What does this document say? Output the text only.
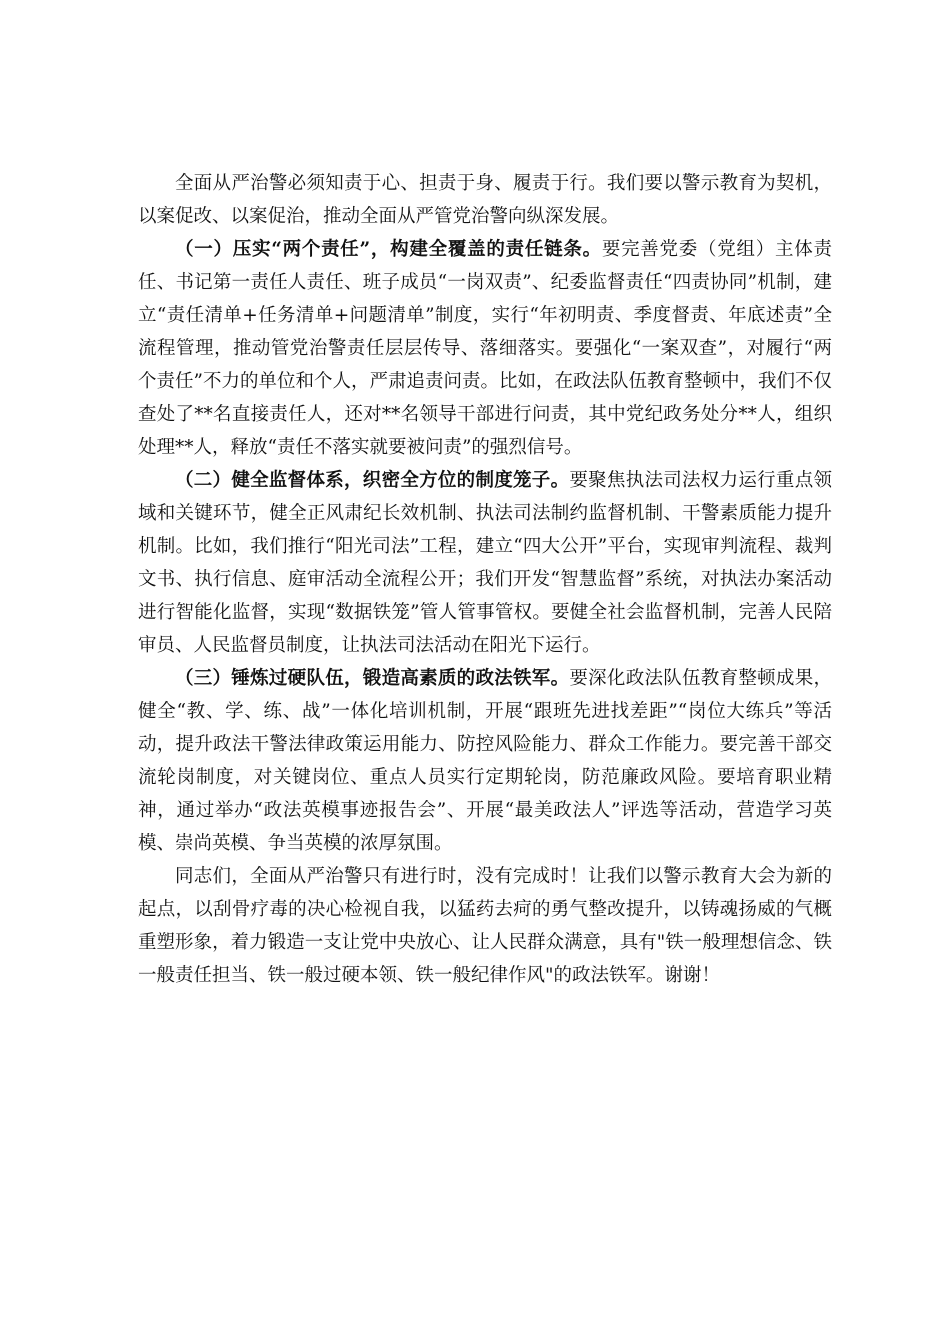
全面从严治警必须知责于心、担责于身、履责于行。我们要以警示教育为契机，以案促改、以案促治，推动全面从严管党治警向纵深发展。

（一）压实“两个责任”，构建全覆盖的责任链条。要完善党委（党组）主体责任、书记第一责任人责任、班子成员“一岗双责”、纪委监督责任“四责协同”机制，建立“责任清单+任务清单+问题清单”制度，实行“年初明责、季度督责、年底述责”全流程管理，推动管党治警责任层层传导、落细落实。要强化“一案双查”，对履行“两个责任”不力的单位和个人，严肃追责问责。比如，在政法队伍教育整顿中，我们不仅查处了**名直接责任人，还对**名领导干部进行问责，其中党纪政务处分**人，组织处理**人，释放“责任不落实就要被问责”的强烈信号。

（二）健全监督体系，织密全方位的制度笼子。要聚焦执法司法权力运行重点领域和关键环节，健全正风肃纪长效机制、执法司法制约监督机制、干警素质能力提升机制。比如，我们推行“阳光司法”工程，建立“四大公开”平台，实现审判流程、裁判文书、执行信息、庭审活动全流程公开；我们开发“智慧监督”系统，对执法办案活动进行智能化监督，实现“数据铁笼”管人管事管权。要健全社会监督机制，完善人民陪审员、人民监督员制度，让执法司法活动在阳光下运行。

（三）锤炼过硬队伍，锻造高素质的政法铁军。要深化政法队伍教育整顿成果，健全“教、学、练、战”一体化培训机制，开展“跟班先进找差距”“岗位大练兵”等活动，提升政法干警法律政策运用能力、防控风险能力、群众工作能力。要完善干部交流轮岗制度，对关键岗位、重点人员实行定期轮岗，防范廉政风险。要培育职业精神，通过举办“政法英模事迹报告会”、开展“最美政法人”评选等活动，营造学习英模、崇尚英模、争当英模的浓厚氛围。

同志们，全面从严治警只有进行时，没有完成时！让我们以警示教育大会为新的起点，以刮骨疗毒的决心检视自我，以猛药去疴的勇气整改提升，以铸魂扬威的气概重塑形象，着力锻造一支让党中央放心、让人民群众满意，具有"铁一般理想信念、铁一般责任担当、铁一般过硬本领、铁一般纪律作风"的政法铁军。谢谢！
